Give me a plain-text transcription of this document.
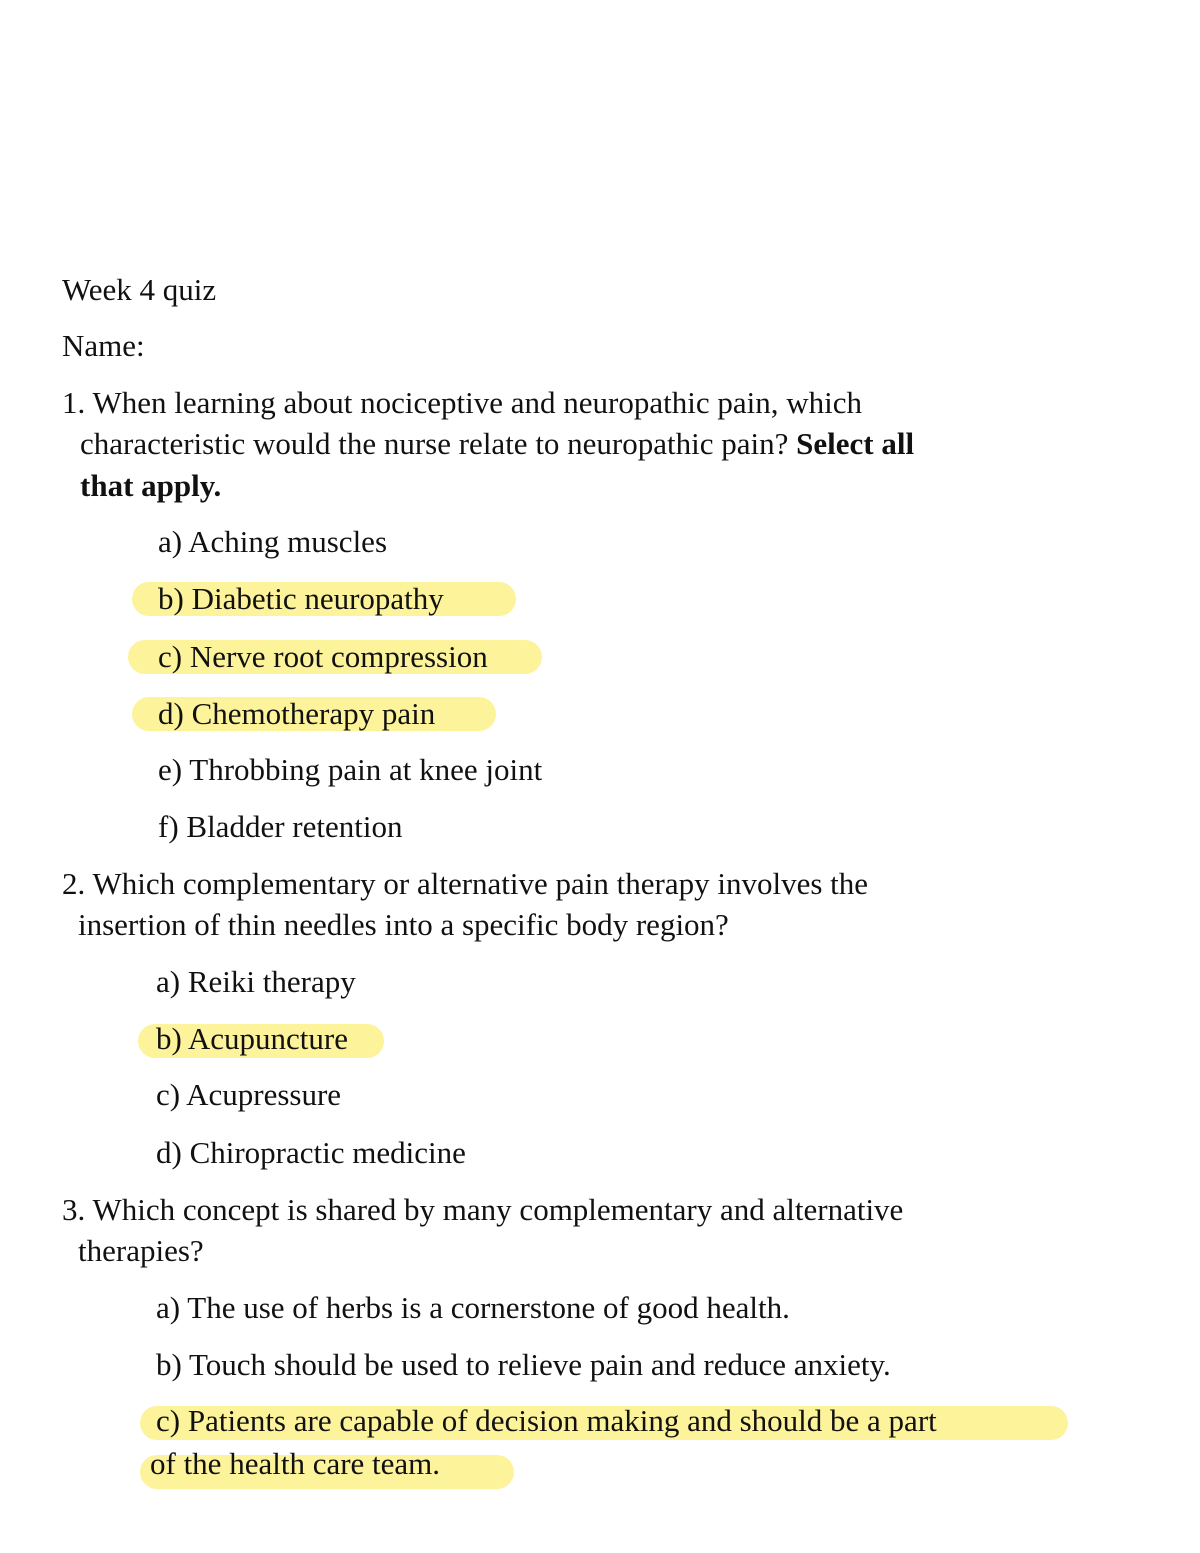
Week 4 quiz
Name:
1. When learning about nociceptive and neuropathic pain, which
characteristic would the nurse relate to neuropathic pain? Select all
that apply.
a) Aching muscles
b) Diabetic neuropathy
c) Nerve root compression
d) Chemotherapy pain
e) Throbbing pain at knee joint
f) Bladder retention
2. Which complementary or alternative pain therapy involves the
insertion of thin needles into a specific body region?
a) Reiki therapy
b) Acupuncture
c) Acupressure
d) Chiropractic medicine
3. Which concept is shared by many complementary and alternative
therapies?
a) The use of herbs is a cornerstone of good health.
b) Touch should be used to relieve pain and reduce anxiety.
c) Patients are capable of decision making and should be a part
of the health care team.
